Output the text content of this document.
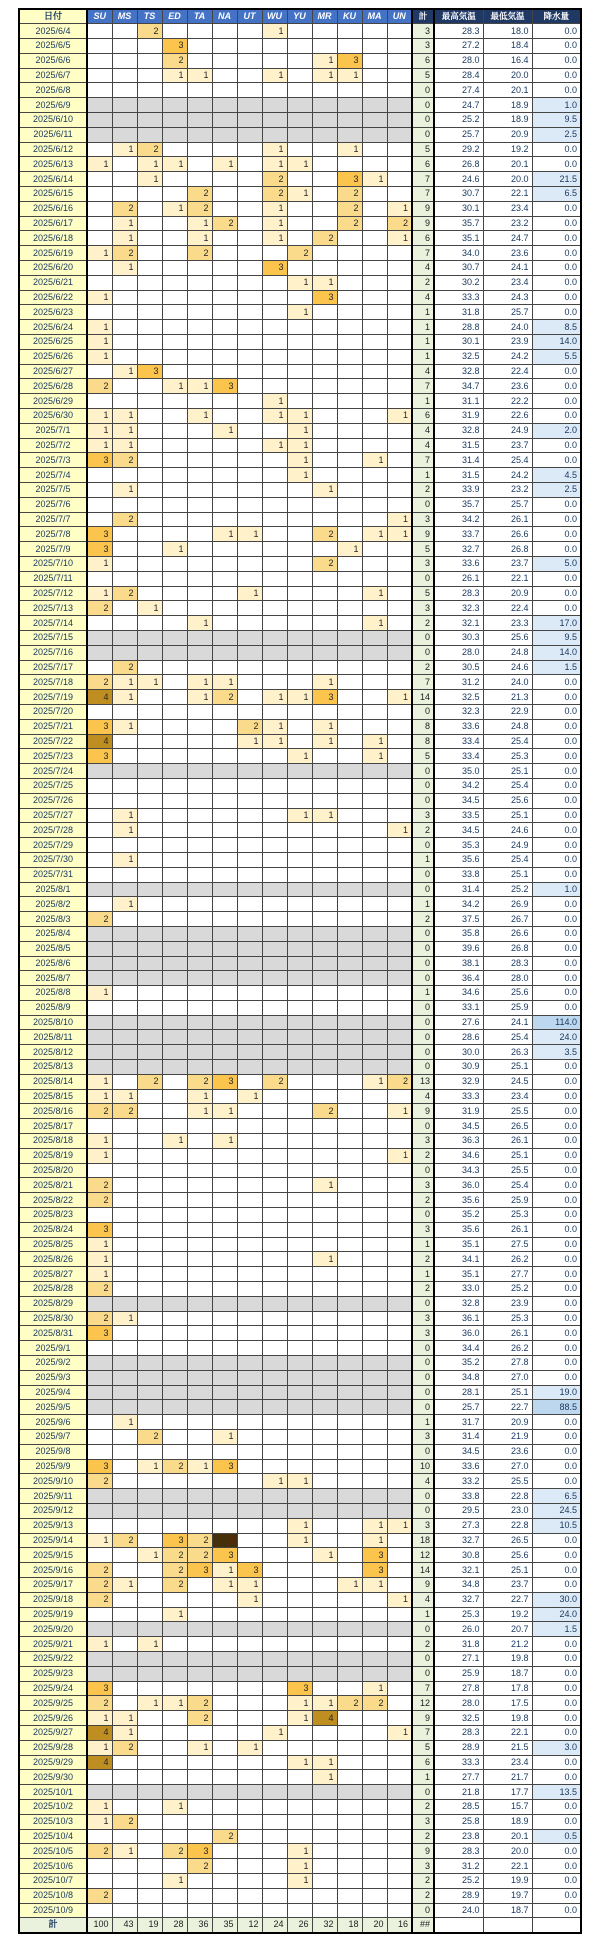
日付	SU	MS	TS	ED	TA	NA	UT	WU	YU	MR	KU	MA	UN	計	最高気温	最低気温	降水量
2025/6/4			2					1						3	28.3	18.0	0.0
2025/6/5				3										3	27.2	18.4	0.0
2025/6/6				2						1	3			6	28.0	16.4	0.0
2025/6/7				1	1			1		1	1			5	28.4	20.0	0.0
2025/6/8														0	27.4	20.1	0.0
2025/6/9														0	24.7	18.9	1.0
2025/6/10														0	25.2	18.9	9.5
2025/6/11														0	25.7	20.9	2.5
2025/6/12		1	2					1			1			5	29.2	19.2	0.0
2025/6/13	1		1	1		1		1	1					6	26.8	20.1	0.0
2025/6/14			1					2			3	1		7	24.6	20.0	21.5
2025/6/15					2			2	1		2			7	30.7	22.1	6.5
2025/6/16		2		1	2			1			2		1	9	30.1	23.4	0.0
2025/6/17		1			1	2		1			2		2	9	35.7	23.2	0.0
2025/6/18		1			1			1		2			1	6	35.1	24.7	0.0
2025/6/19	1	2			2				2					7	34.0	23.6	0.0
2025/6/20		1						3						4	30.7	24.1	0.0
2025/6/21									1	1				2	30.2	23.4	0.0
2025/6/22	1									3				4	33.3	24.3	0.0
2025/6/23									1					1	31.8	25.7	0.0
2025/6/24	1													1	28.8	24.0	8.5
2025/6/25	1													1	30.1	23.9	14.0
2025/6/26	1													1	32.5	24.2	5.5
2025/6/27		1	3											4	32.8	22.4	0.0
2025/6/28	2			1	1	3								7	34.7	23.6	0.0
2025/6/29								1						1	31.1	22.2	0.0
2025/6/30	1	1			1			1	1				1	6	31.9	22.6	0.0
2025/7/1	1	1				1			1					4	32.8	24.9	2.0
2025/7/2	1	1						1	1					4	31.5	23.7	0.0
2025/7/3	3	2							1			1		7	31.4	25.4	0.0
2025/7/4									1					1	31.5	24.2	4.5
2025/7/5		1								1				2	33.9	23.2	2.5
2025/7/6														0	35.7	25.7	0.0
2025/7/7		2											1	3	34.2	26.1	0.0
2025/7/8	3					1	1			2		1	1	9	33.7	26.6	0.0
2025/7/9	3			1							1			5	32.7	26.8	0.0
2025/7/10	1									2				3	33.6	23.7	5.0
2025/7/11														0	26.1	22.1	0.0
2025/7/12	1	2					1					1		5	28.3	20.9	0.0
2025/7/13	2		1											3	32.3	22.4	0.0
2025/7/14					1							1		2	32.1	23.3	17.0
2025/7/15														0	30.3	25.6	9.5
2025/7/16														0	28.0	24.8	14.0
2025/7/17		2												2	30.5	24.6	1.5
2025/7/18	2	1	1		1	1				1				7	31.2	24.0	0.0
2025/7/19	4	1			1	2		1	1	3			1	14	32.5	21.3	0.0
2025/7/20														0	32.3	22.9	0.0
2025/7/21	3	1					2	1		1				8	33.6	24.8	0.0
2025/7/22	4						1	1		1		1		8	33.4	25.4	0.0
2025/7/23	3								1			1		5	33.4	25.3	0.0
2025/7/24														0	35.0	25.1	0.0
2025/7/25														0	34.2	25.4	0.0
2025/7/26														0	34.5	25.6	0.0
2025/7/27		1							1	1				3	33.5	25.1	0.0
2025/7/28		1											1	2	34.5	24.6	0.0
2025/7/29														0	35.3	24.9	0.0
2025/7/30		1												1	35.6	25.4	0.0
2025/7/31														0	33.8	25.1	0.0
2025/8/1														0	31.4	25.2	1.0
2025/8/2		1												1	34.2	26.9	0.0
2025/8/3	2													2	37.5	26.7	0.0
2025/8/4														0	35.8	26.6	0.0
2025/8/5														0	39.6	26.8	0.0
2025/8/6														0	38.1	28.3	0.0
2025/8/7														0	36.4	28.0	0.0
2025/8/8	1													1	34.6	25.6	0.0
2025/8/9														0	33.1	25.9	0.0
2025/8/10														0	27.6	24.1	114.0
2025/8/11														0	28.6	25.4	24.0
2025/8/12														0	30.0	26.3	3.5
2025/8/13														0	30.9	25.1	0.0
2025/8/14	1		2		2	3		2				1	2	13	32.9	24.5	0.0
2025/8/15	1	1			1		1							4	33.3	23.4	0.0
2025/8/16	2	2			1	1				2			1	9	31.9	25.5	0.0
2025/8/17														0	34.5	26.5	0.0
2025/8/18	1			1		1								3	36.3	26.1	0.0
2025/8/19	1												1	2	34.6	25.1	0.0
2025/8/20														0	34.3	25.5	0.0
2025/8/21	2									1				3	36.0	25.4	0.0
2025/8/22	2													2	35.6	25.9	0.0
2025/8/23														0	35.2	25.3	0.0
2025/8/24	3													3	35.6	26.1	0.0
2025/8/25	1													1	35.1	27.5	0.0
2025/8/26	1									1				2	34.1	26.2	0.0
2025/8/27	1													1	35.1	27.7	0.0
2025/8/28	2													2	33.0	25.2	0.0
2025/8/29														0	32.8	23.9	0.0
2025/8/30	2	1												3	36.1	25.3	0.0
2025/8/31	3													3	36.0	26.1	0.0
2025/9/1														0	34.4	26.2	0.0
2025/9/2														0	35.2	27.8	0.0
2025/9/3														0	34.8	27.0	0.0
2025/9/4														0	28.1	25.1	19.0
2025/9/5														0	25.7	22.7	88.5
2025/9/6		1												1	31.7	20.9	0.0
2025/9/7			2			1								3	31.4	21.9	0.0
2025/9/8														0	34.5	23.6	0.0
2025/9/9	3		1	2	1	3								10	33.6	27.0	0.0
2025/9/10	2							1	1					4	33.2	25.5	0.0
2025/9/11														0	33.8	22.8	6.5
2025/9/12														0	29.5	23.0	24.5
2025/9/13									1			1	1	3	27.3	22.8	10.5
2025/9/14	1	2		3	2	8			1			1		18	32.7	26.5	0.0
2025/9/15			1	2	2	3				1		3		12	30.8	25.6	0.0
2025/9/16	2			2	3	1	3					3		14	32.1	25.1	0.0
2025/9/17	2	1		2		1	1				1	1		9	34.8	23.7	0.0
2025/9/18	2						1						1	4	32.7	22.7	30.0
2025/9/19				1										1	25.3	19.2	24.0
2025/9/20														0	26.0	20.7	1.5
2025/9/21	1		1											2	31.8	21.2	0.0
2025/9/22														0	27.1	19.8	0.0
2025/9/23														0	25.9	18.7	0.0
2025/9/24	3								3			1		7	27.8	17.8	0.0
2025/9/25	2		1	1	2				1	1	2	2		12	28.0	17.5	0.0
2025/9/26	1	1			2				1	4				9	32.5	19.8	0.0
2025/9/27	4	1						1					1	7	28.3	22.1	0.0
2025/9/28	1	2			1		1							5	28.9	21.5	3.0
2025/9/29	4								1	1				6	33.3	23.4	0.0
2025/9/30										1				1	27.7	21.7	0.0
2025/10/1														0	21.8	17.7	13.5
2025/10/2	1			1										2	28.5	15.7	0.0
2025/10/3	1	2												3	25.8	18.9	0.0
2025/10/4						2								2	23.8	20.1	0.5
2025/10/5	2	1		2	3				1					9	28.3	20.0	0.0
2025/10/6					2				1					3	31.2	22.1	0.0
2025/10/7				1					1					2	25.2	19.9	0.0
2025/10/8	2													2	28.9	19.7	0.0
2025/10/9														0	24.0	18.7	0.0
計	100	43	19	28	36	35	12	24	26	32	18	20	16	##			
